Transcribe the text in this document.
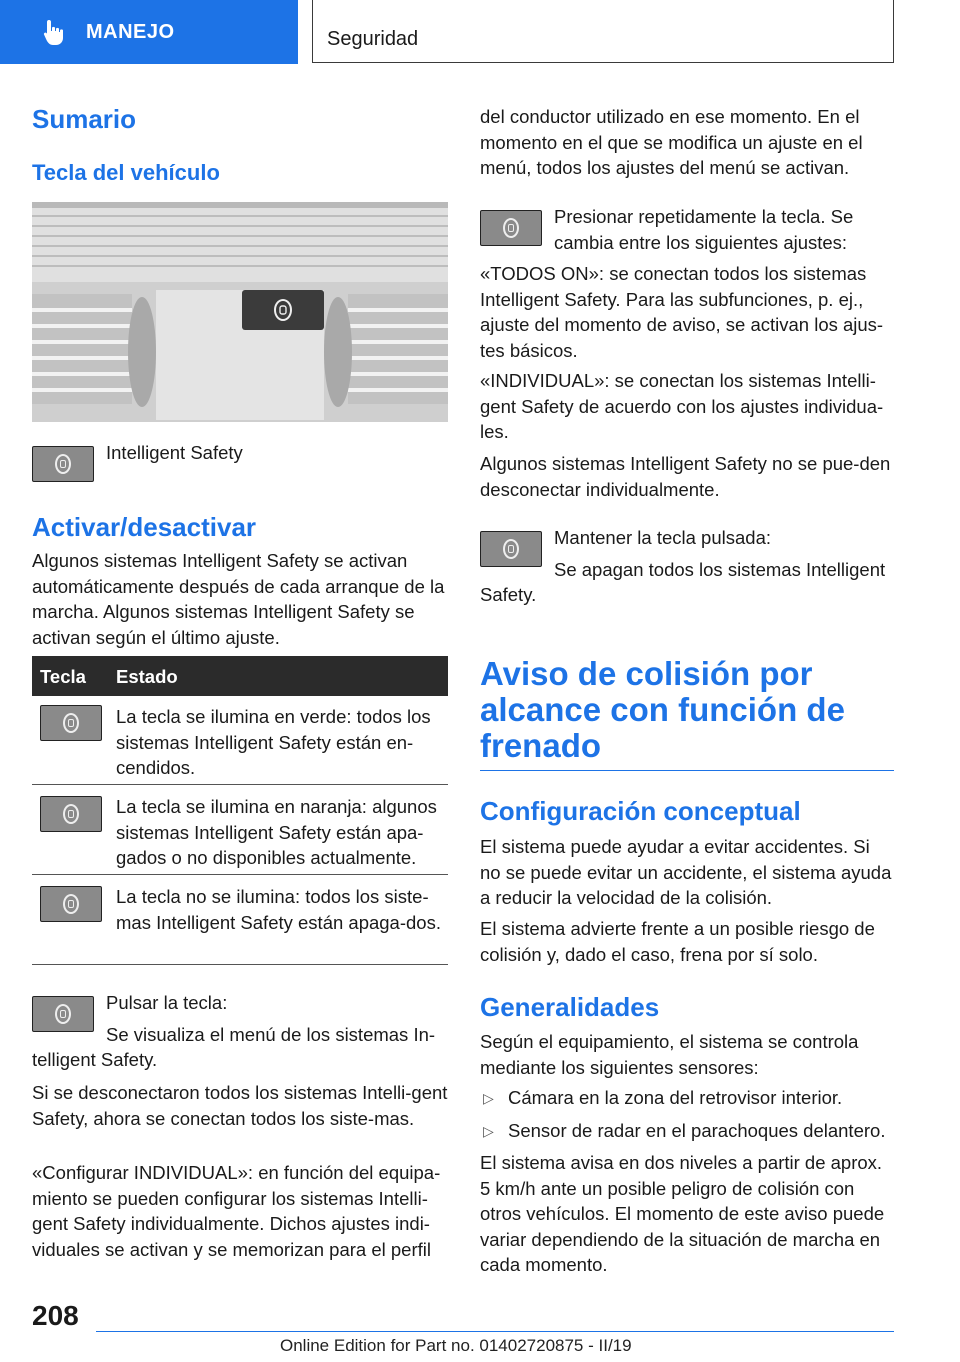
MANEJO	Seguridad
Sumario
Tecla del vehículo

Intelligent Safety

Activar/desactivar

Algunos sistemas Intelligent Safety se activan automáticamente después de cada arranque de la marcha. Algunos sistemas Intelligent Safety se activan según el último ajuste.

Tecla Estado

La tecla se ilumina en verde: todos los sistemas Intelligent Safety están en-cendidos.

La tecla se ilumina en naranja: algunos sistemas Intelligent Safety están apa-gados o no disponibles actualmente.

La tecla no se ilumina: todos los siste-mas Intelligent Safety están apaga-dos.

Pulsar la tecla:

Se visualiza el menú de los sistemas In-

telligent Safety.

Si se desconectaron todos los sistemas Intelli-gent Safety, ahora se conectan todos los siste-mas.

«Configurar INDIVIDUAL»: en función del equipa-miento se pueden configurar los sistemas Intelli-gent Safety individualmente. Dichos ajustes indi-viduales se activan y se memorizan para el perfil

del conductor utilizado en ese momento. En el momento en el que se modifica un ajuste en el menú, todos los ajustes del menú se activan.

Presionar repetidamente la tecla. Se cambia entre los siguientes ajustes:

«TODOS ON»: se conectan todos los sistemas Intelligent Safety. Para las subfunciones, p. ej., ajuste del momento de aviso, se activan los ajus-tes básicos.

«INDIVIDUAL»: se conectan los sistemas Intelli-gent Safety de acuerdo con los ajustes individua-les.

Algunos sistemas Intelligent Safety no se pue-den desconectar individualmente.

Mantener la tecla pulsada:

Se apagan todos los sistemas Intelligent

Safety.

Aviso de colisión por alcance con función de frenado
Configuración conceptual

El sistema puede ayudar a evitar accidentes. Si no se puede evitar un accidente, el sistema ayuda a reducir la velocidad de la colisión.

El sistema advierte frente a un posible riesgo de colisión y, dado el caso, frena por sí solo.

Generalidades

Según el equipamiento, el sistema se controla mediante los siguientes sensores:

▷ Cámara en la zona del retrovisor interior.

▷ Sensor de radar en el parachoques delantero.

El sistema avisa en dos niveles a partir de aprox. 5 km/h ante un posible peligro de colisión con otros vehículos. El momento de este aviso puede variar dependiendo de la situación de marcha en cada momento.

208
Online Edition for Part no. 01402720875 - II/19
